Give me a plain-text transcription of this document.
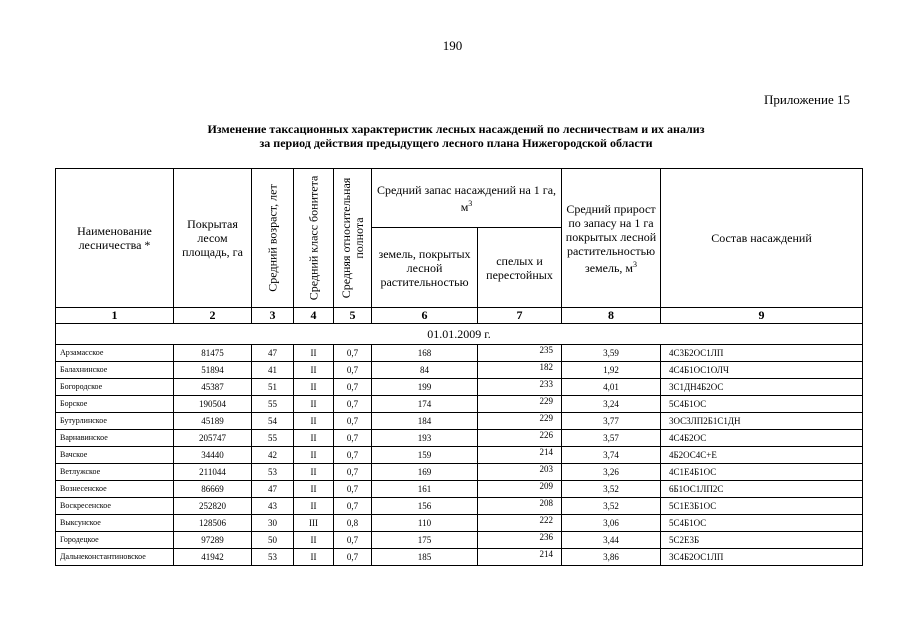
190
Приложение 15
Изменение таксационных характеристик лесных насаждений по лесничествам и их анализ
за период действия предыдущего лесного плана Нижегородской области
Наименование лесничества *	Покрытая лесом площадь, га	Средний возраст, лет	Средний класс бонитета	Средняя относительная полнота	Средний запас насаждений на 1 га, $м^3$		Средний прирост по запасу на 1 га покрытых лесной растительностью земель, $м^3$	Состав насаждений
					земель, покрытых лесной растительностью	спелых и перестойных		
1	2	3	4	5	6	7	8	9
01.01.2009 г.								
Арзамасское	81475	47	II	0,7	168	235	3,59	4С3Б2ОС1ЛП
Балахнинское	51894	41	II	0,7	84	182	1,92	4С4Б1ОС1ОЛЧ
Богородское	45387	51	II	0,7	199	233	4,01	3С1ДН4Б2ОС
Борское	190504	55	II	0,7	174	229	3,24	5С4Б1ОС
Бутурлинское	45189	54	II	0,7	184	229	3,77	3ОС3ЛП2Б1С1ДН
Варнавинское	205747	55	II	0,7	193	226	3,57	4С4Б2ОС
Вачское	34440	42	II	0,7	159	214	3,74	4Б2ОС4С+Е
Ветлужское	211044	53	II	0,7	169	203	3,26	4С1Е4Б1ОС
Вознесенское	86669	47	II	0,7	161	209	3,52	6Б1ОС1ЛП2С
Воскресенское	252820	43	II	0,7	156	208	3,52	5С1Е3Б1ОС
Выксунское	128506	30	III	0,8	110	222	3,06	5С4Б1ОС
Городецкое	97289	50	II	0,7	175	236	3,44	5С2Е3Б
Дальнеконстантиновское	41942	53	II	0,7	185	214	3,86	3С4Б2ОС1ЛП
